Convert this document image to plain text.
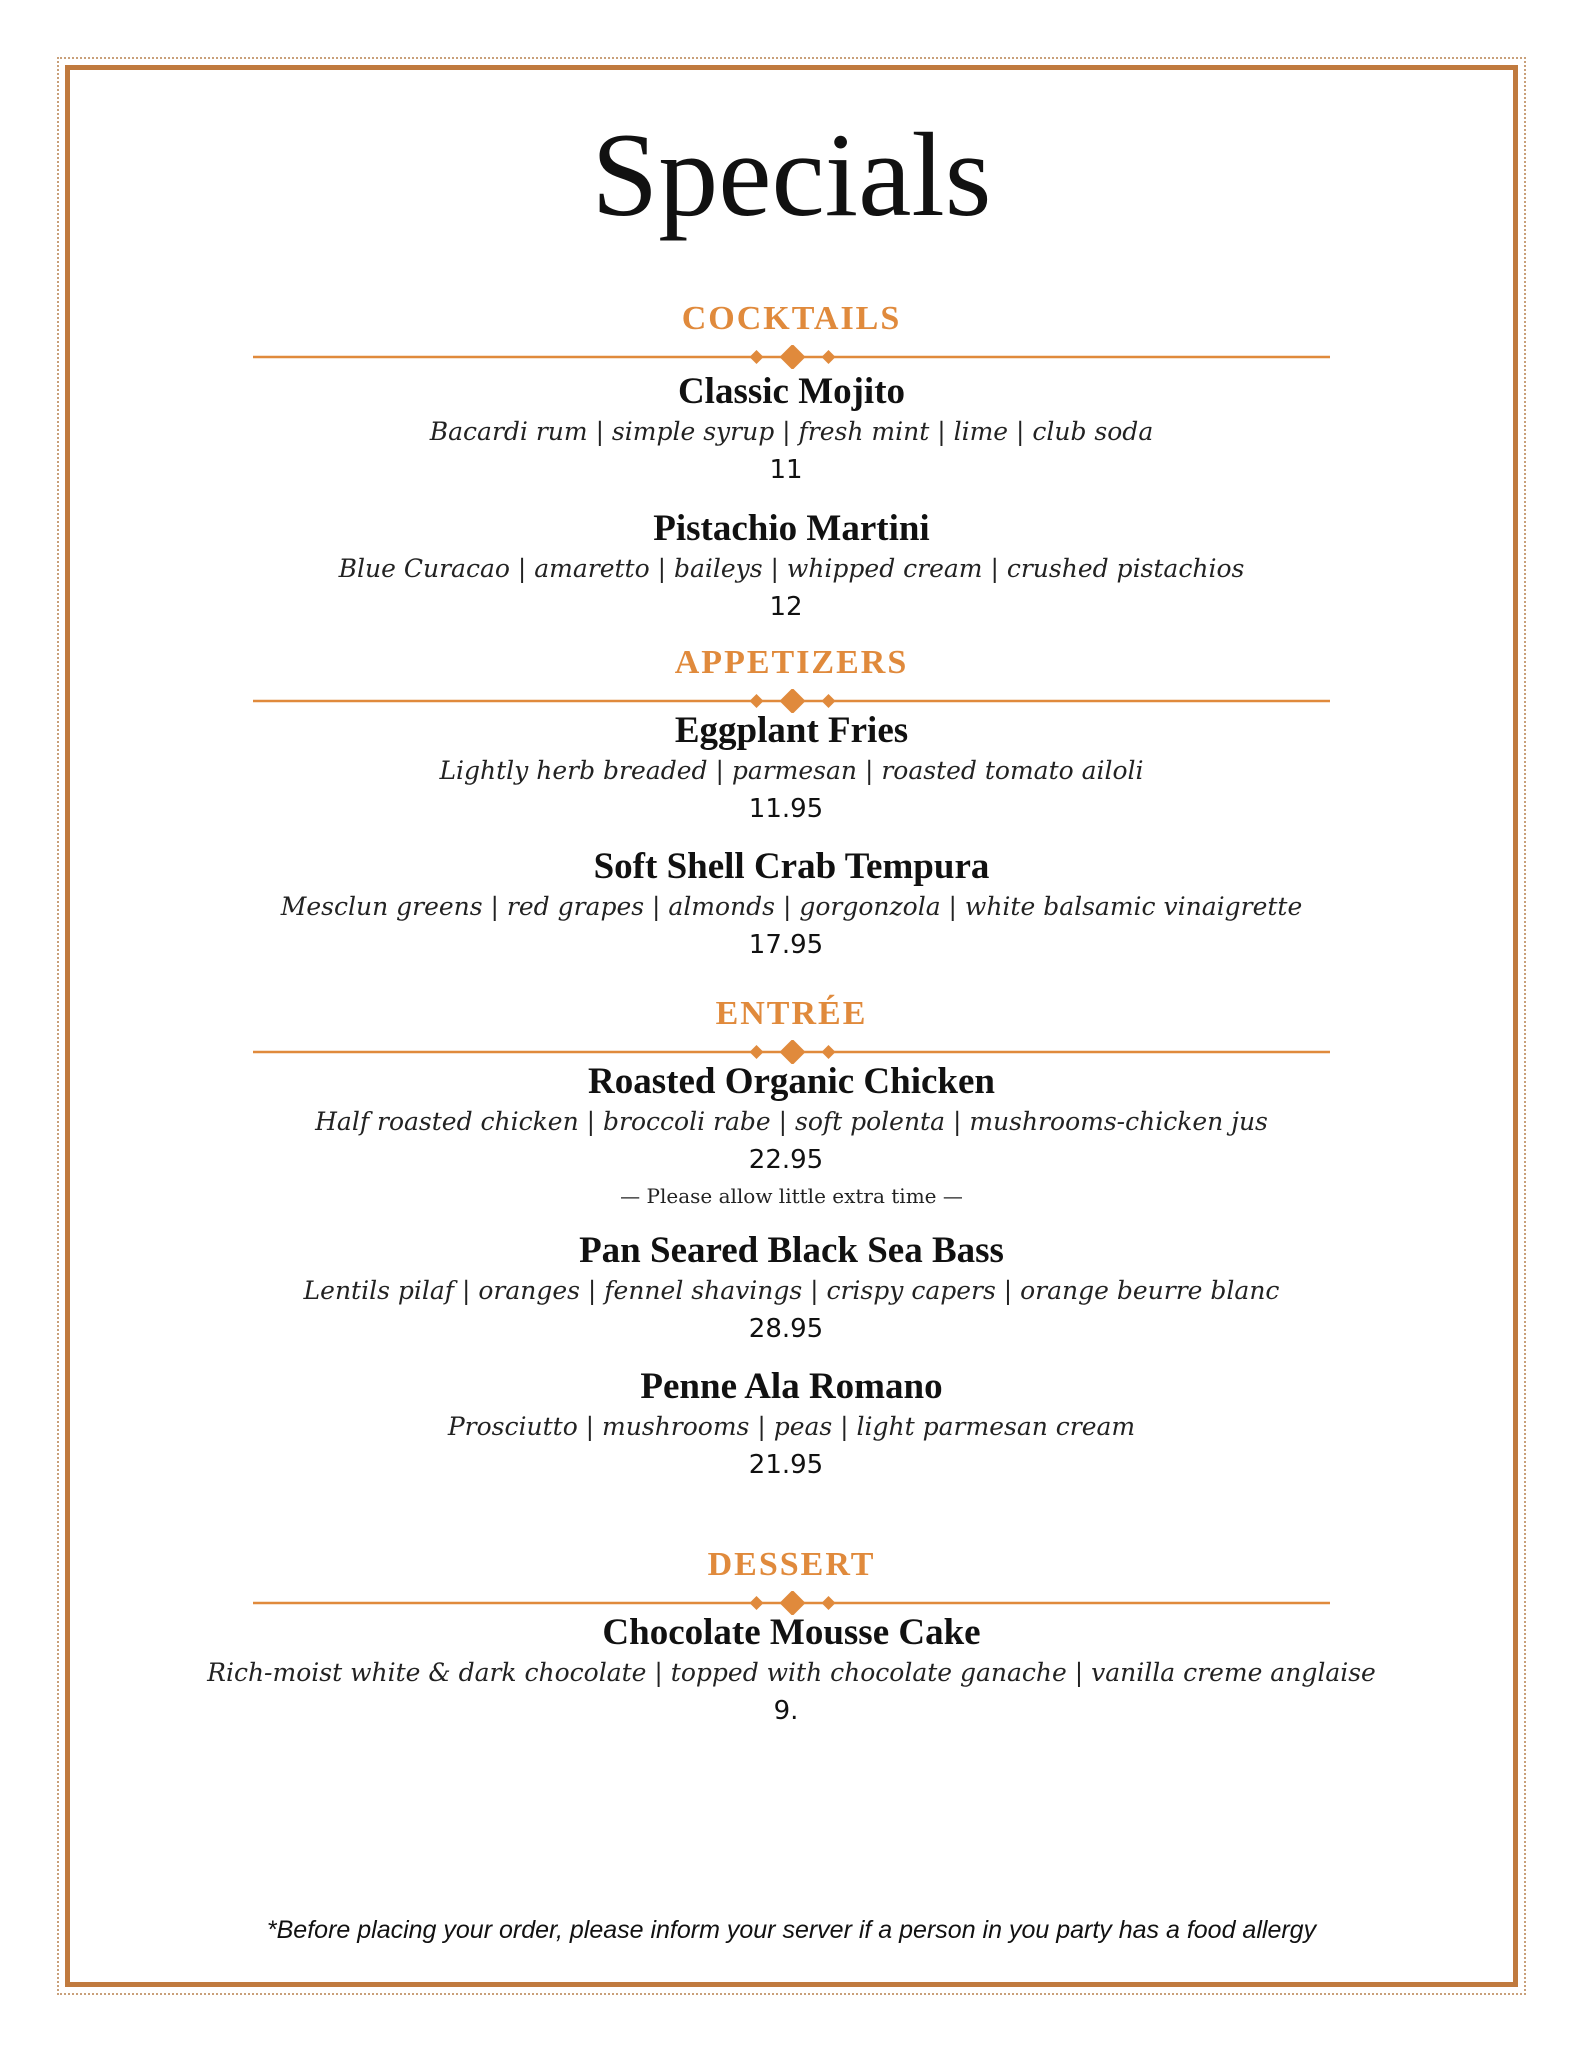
Specials
COCKTAILS
Classic Mojito
Bacardi rum | simple syrup | fresh mint | lime | club soda
11
Pistachio Martini
Blue Curacao | amaretto | baileys | whipped cream | crushed pistachios
12
APPETIZERS
Eggplant Fries
Lightly herb breaded | parmesan | roasted tomato ailoli
11.95
Soft Shell Crab Tempura
Mesclun greens | red grapes | almonds | gorgonzola | white balsamic vinaigrette
17.95
ENTRÉE
Roasted Organic Chicken
Half roasted chicken | broccoli rabe | soft polenta | mushrooms-chicken jus
22.95
— Please allow little extra time —
Pan Seared Black Sea Bass
Lentils pilaf | oranges | fennel shavings | crispy capers | orange beurre blanc
28.95
Penne Ala Romano
Prosciutto | mushrooms | peas | light parmesan cream
21.95
DESSERT
Chocolate Mousse Cake
Rich-moist white & dark chocolate | topped with chocolate ganache | vanilla creme anglaise
9.
*Before placing your order, please inform your server if a person in you party has a food allergy
